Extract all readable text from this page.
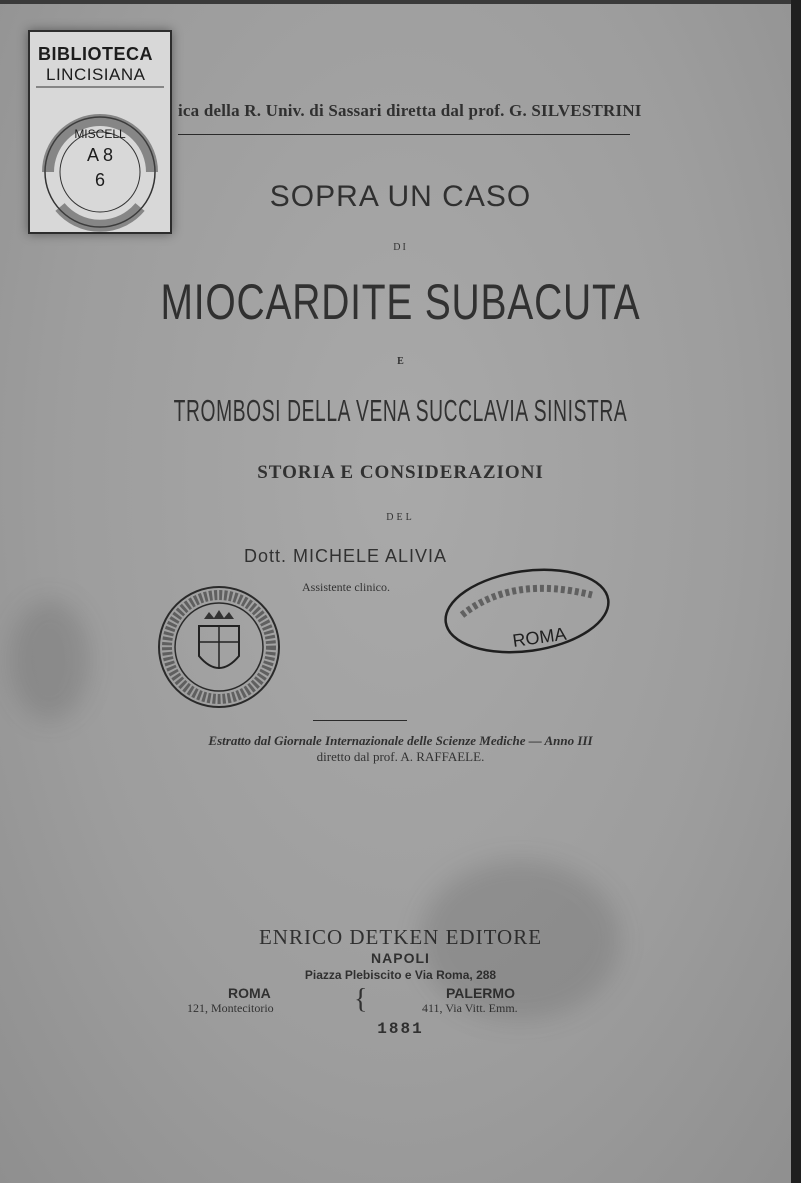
BIBLIOTECA
LINCISIANA
MISCELL
A 8
6
ica della R. Univ. di Sassari diretta dal prof. G. SILVESTRINI
SOPRA UN CASO
DI
MIOCARDITE SUBACUTA
E
TROMBOSI DELLA VENA SUCCLAVIA SINISTRA
STORIA E CONSIDERAZIONI
DEL
Dott. MICHELE ALIVIA
Assistente clinico.
ROMA
Estratto dal Giornale Internazionale delle Scienze Mediche — Anno III
diretto dal prof. A. RAFFAELE.
ENRICO DETKEN EDITORE
NAPOLI
Piazza Plebiscito e Via Roma, 288
ROMA
121, Montecitorio	{	PALERMO
411, Via Vitt. Emm.
1881
